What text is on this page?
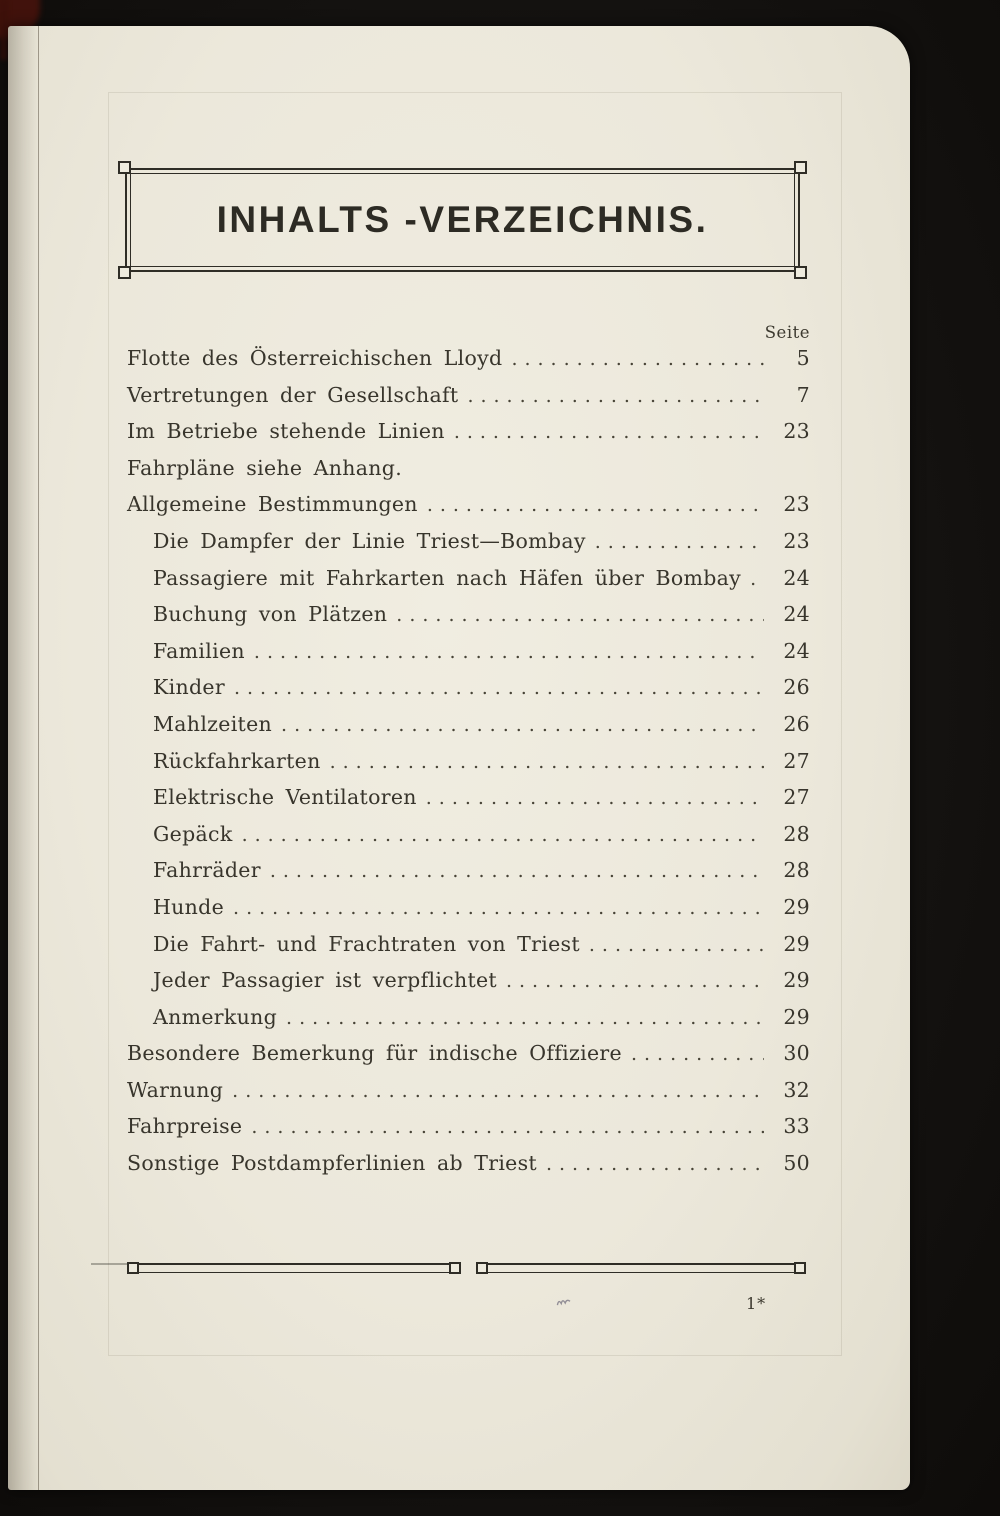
INHALTS -VERZEICHNIS.
Seite
Flotte des Österreichischen Lloyd .....	5
Vertretungen der Gesellschaft .....	7
Im Betriebe stehende Linien .....	23
Fahrpläne siehe Anhang.
Allgemeine Bestimmungen .....	23
Die Dampfer der Linie Triest—Bombay .....	23
Passagiere mit Fahrkarten nach Häfen über Bombay .....	24
Buchung von Plätzen .....	24
Familien .....	24
Kinder .....	26
Mahlzeiten .....	26
Rückfahrkarten .....	27
Elektrische Ventilatoren .....	27
Gepäck .....	28
Fahrräder .....	28
Hunde .....	29
Die Fahrt- und Frachtraten von Triest .....	29
Jeder Passagier ist verpflichtet .....	29
Anmerkung .....	29
Besondere Bemerkung für indische Offiziere .....	30
Warnung .....	32
Fahrpreise .....	33
Sonstige Postdampferlinien ab Triest .....	50
1*
